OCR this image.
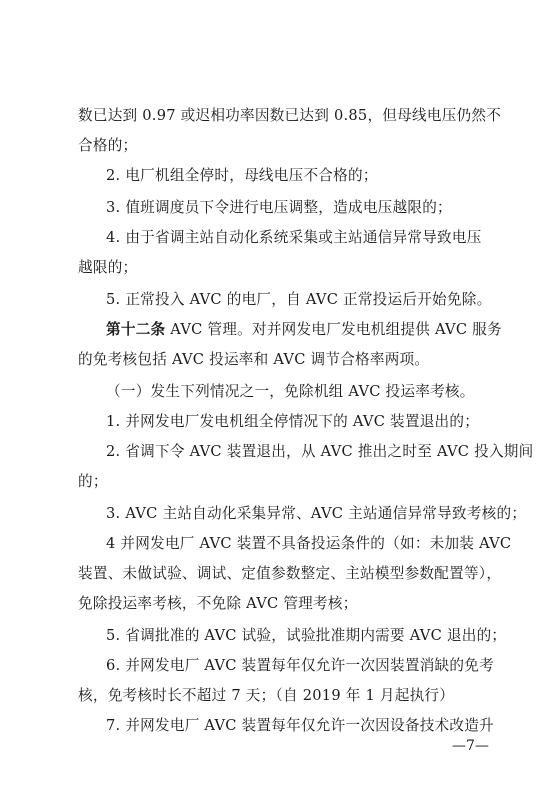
数已达到 0.97 或迟相功率因数已达到 0.85，但母线电压仍然不
合格的；
2. 电厂机组全停时，母线电压不合格的；
3. 值班调度员下令进行电压调整，造成电压越限的；
4. 由于省调主站自动化系统采集或主站通信异常导致电压
越限的；
5. 正常投入 AVC 的电厂，自 AVC 正常投运后开始免除。
第十二条 AVC 管理。对并网发电厂发电机组提供 AVC 服务
的免考核包括 AVC 投运率和 AVC 调节合格率两项。
（一）发生下列情况之一，免除机组 AVC 投运率考核。
1. 并网发电厂发电机组全停情况下的 AVC 装置退出的；
2. 省调下令 AVC 装置退出，从 AVC 推出之时至 AVC 投入期间
的；
3. AVC 主站自动化采集异常、AVC 主站通信异常导致考核的；
4 并网发电厂 AVC 装置不具备投运条件的（如：未加装 AVC
装置、未做试验、调试、定值参数整定、主站模型参数配置等），
免除投运率考核，不免除 AVC 管理考核；
5. 省调批准的 AVC 试验，试验批准期内需要 AVC 退出的；
6. 并网发电厂 AVC 装置每年仅允许一次因装置消缺的免考
核，免考核时长不超过 7 天；（自 2019 年 1 月起执行）
7. 并网发电厂 AVC 装置每年仅允许一次因设备技术改造升
—7—
